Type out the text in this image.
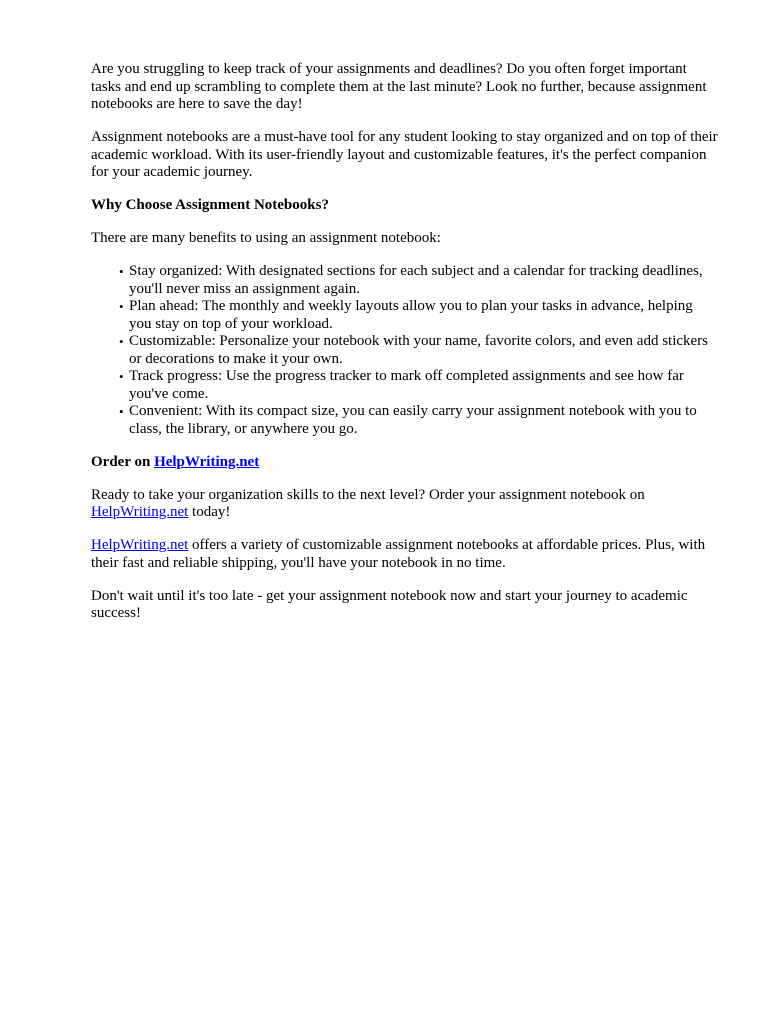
Are you struggling to keep track of your assignments and deadlines? Do you often forget important tasks and end up scrambling to complete them at the last minute? Look no further, because assignment notebooks are here to save the day!

Assignment notebooks are a must-have tool for any student looking to stay organized and on top of their academic workload. With its user-friendly layout and customizable features, it's the perfect companion for your academic journey.

Why Choose Assignment Notebooks?

There are many benefits to using an assignment notebook:

• Stay organized: With designated sections for each subject and a calendar for tracking deadlines, you'll never miss an assignment again.
• Plan ahead: The monthly and weekly layouts allow you to plan your tasks in advance, helping you stay on top of your workload.
• Customizable: Personalize your notebook with your name, favorite colors, and even add stickers or decorations to make it your own.
• Track progress: Use the progress tracker to mark off completed assignments and see how far you've come.
• Convenient: With its compact size, you can easily carry your assignment notebook with you to class, the library, or anywhere you go.
Order on HelpWriting.net

Ready to take your organization skills to the next level? Order your assignment notebook on HelpWriting.net today!

HelpWriting.net offers a variety of customizable assignment notebooks at affordable prices. Plus, with their fast and reliable shipping, you'll have your notebook in no time.

Don't wait until it's too late - get your assignment notebook now and start your journey to academic success!
